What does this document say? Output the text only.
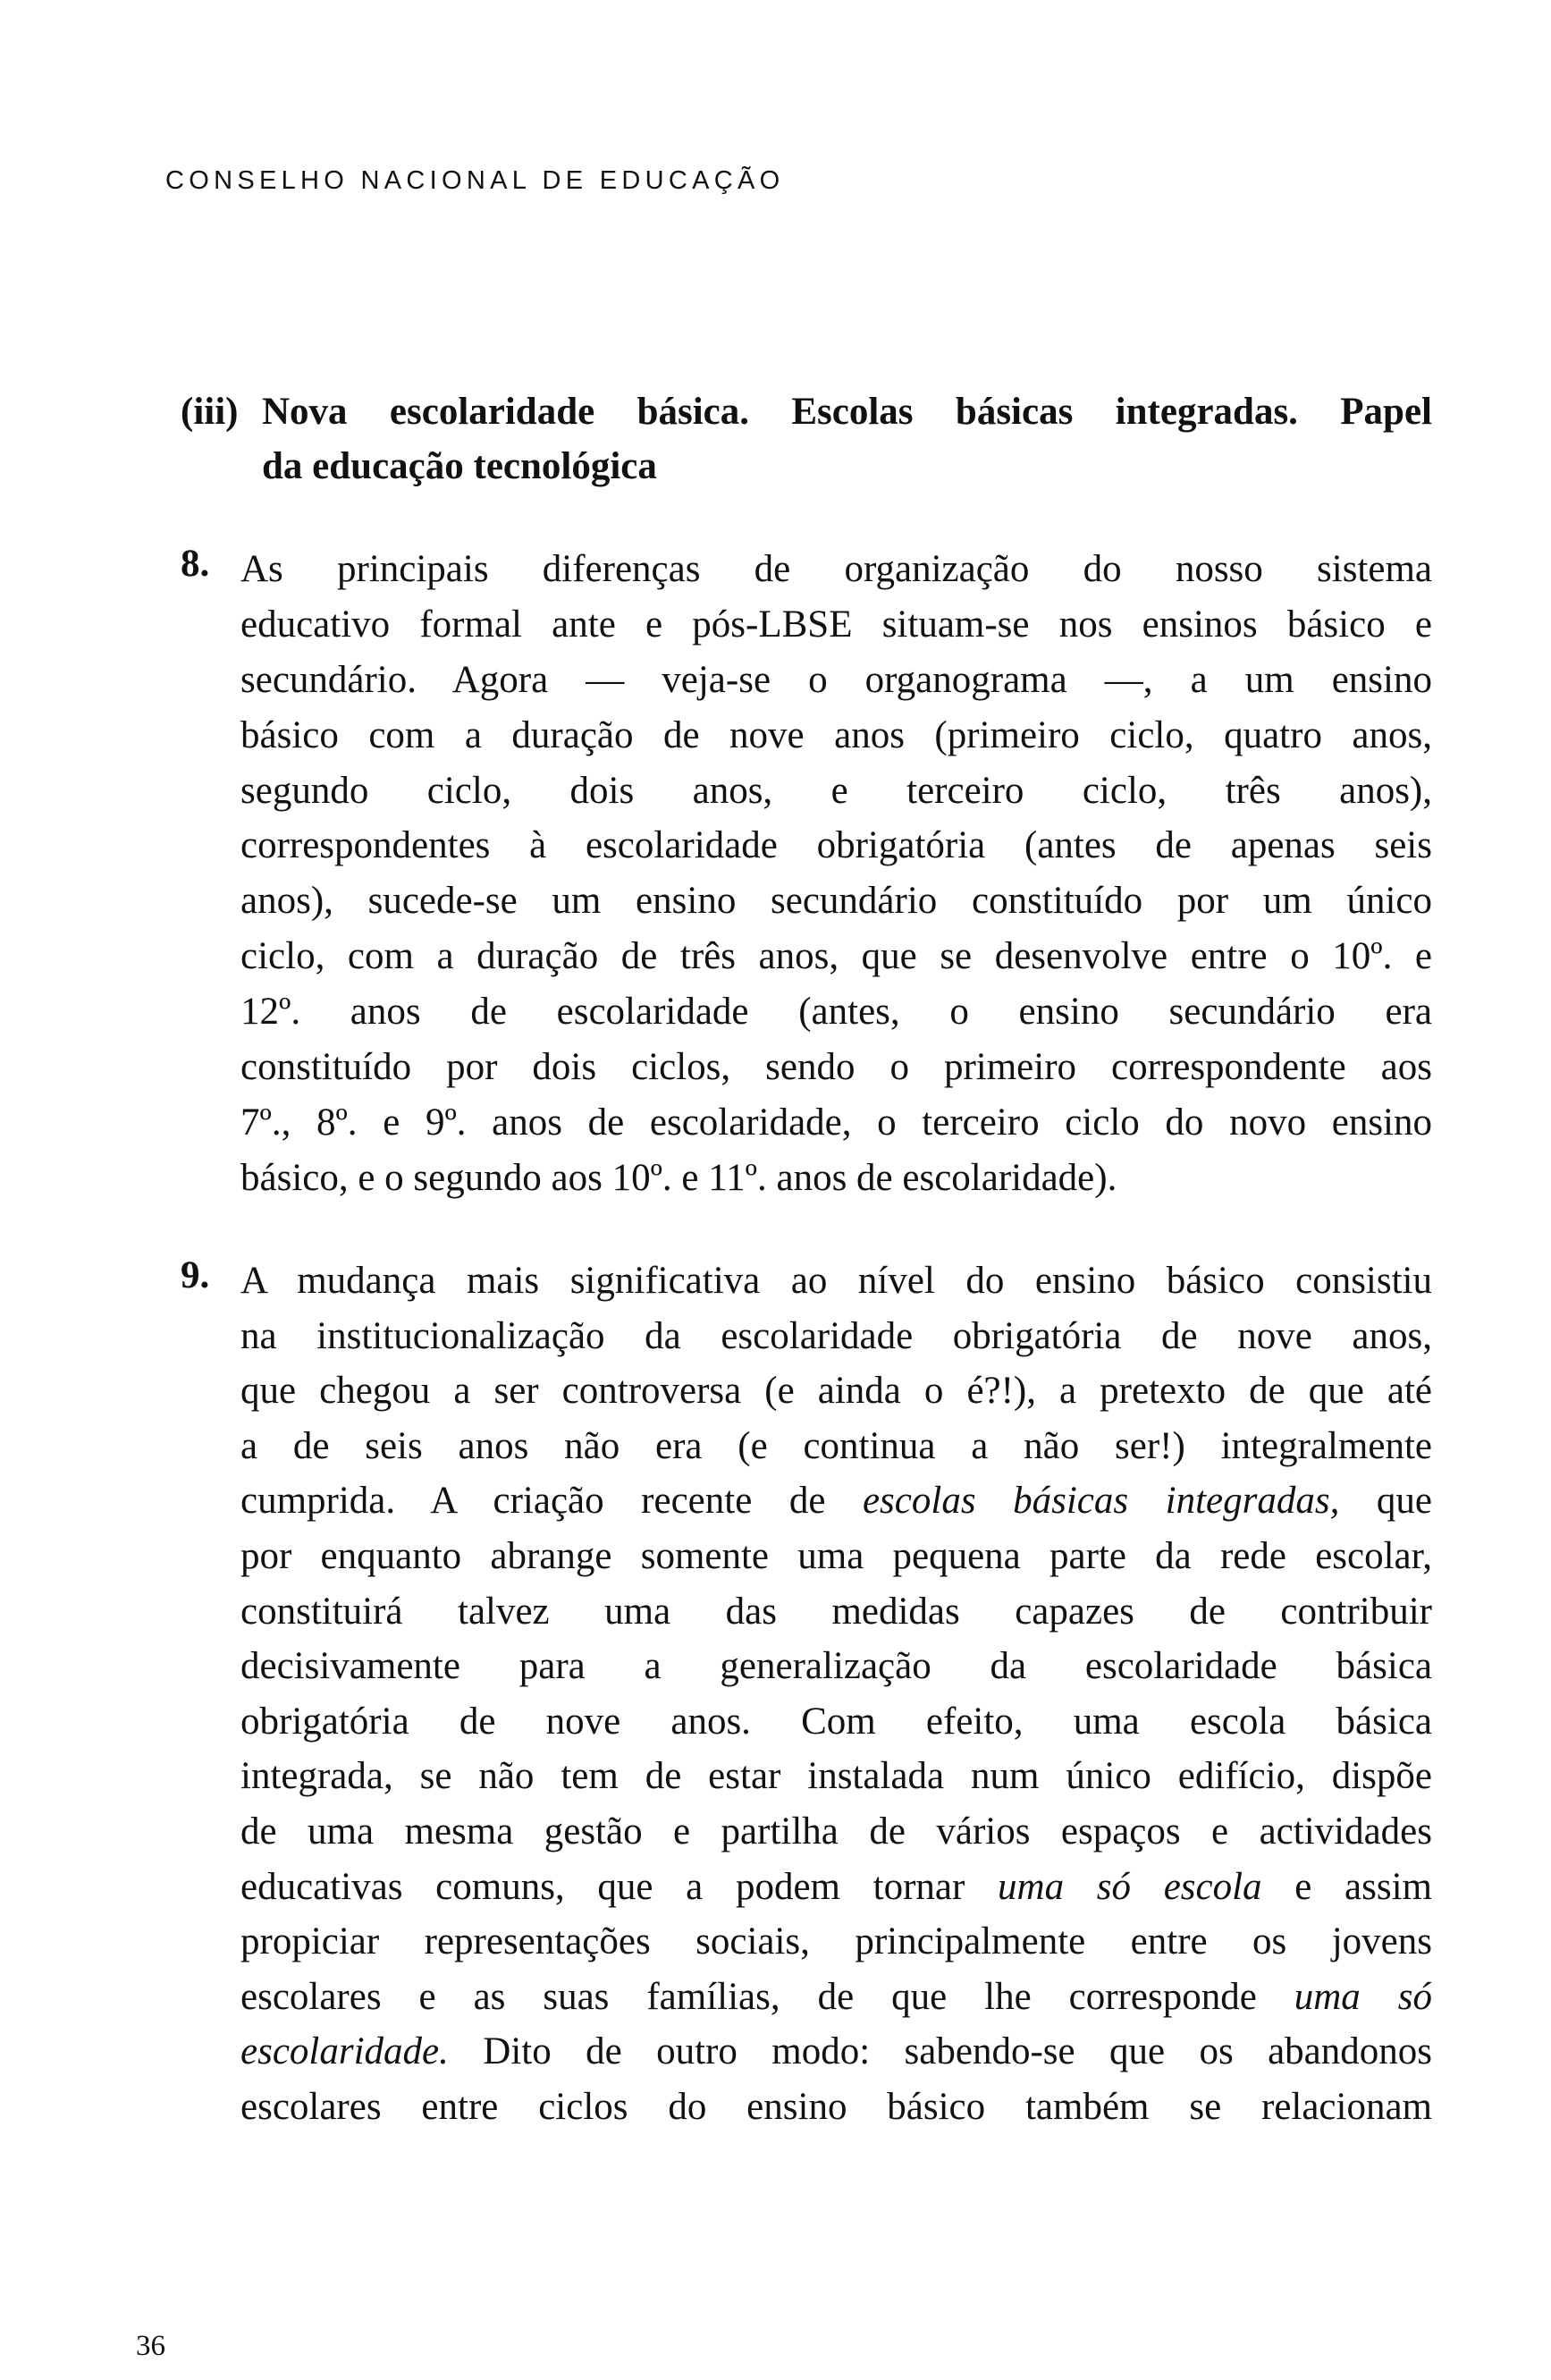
CONSELHO NACIONAL DE EDUCAÇÃO
(iii) Nova escolaridade básica. Escolas básicas integradas. Papel
da educação tecnológica
8. As principais diferenças de organização do nosso sistema
educativo formal ante e pós-LBSE situam-se nos ensinos básico e
secundário. Agora — veja-se o organograma —, a um ensino
básico com a duração de nove anos (primeiro ciclo, quatro anos,
segundo ciclo, dois anos, e terceiro ciclo, três anos),
correspondentes à escolaridade obrigatória (antes de apenas seis
anos), sucede-se um ensino secundário constituído por um único
ciclo, com a duração de três anos, que se desenvolve entre o 10º. e
12º. anos de escolaridade (antes, o ensino secundário era
constituído por dois ciclos, sendo o primeiro correspondente aos
7º., 8º. e 9º. anos de escolaridade, o terceiro ciclo do novo ensino
básico, e o segundo aos 10º. e 11º. anos de escolaridade).
9. A mudança mais significativa ao nível do ensino básico consistiu
na institucionalização da escolaridade obrigatória de nove anos,
que chegou a ser controversa (e ainda o é?!), a pretexto de que até
a de seis anos não era (e continua a não ser!) integralmente
cumprida. A criação recente de escolas básicas integradas, que
por enquanto abrange somente uma pequena parte da rede escolar,
constituirá talvez uma das medidas capazes de contribuir
decisivamente para a generalização da escolaridade básica
obrigatória de nove anos. Com efeito, uma escola básica
integrada, se não tem de estar instalada num único edifício, dispõe
de uma mesma gestão e partilha de vários espaços e actividades
educativas comuns, que a podem tornar uma só escola e assim
propiciar representações sociais, principalmente entre os jovens
escolares e as suas famílias, de que lhe corresponde uma só
escolaridade. Dito de outro modo: sabendo-se que os abandonos
escolares entre ciclos do ensino básico também se relacionam
36
